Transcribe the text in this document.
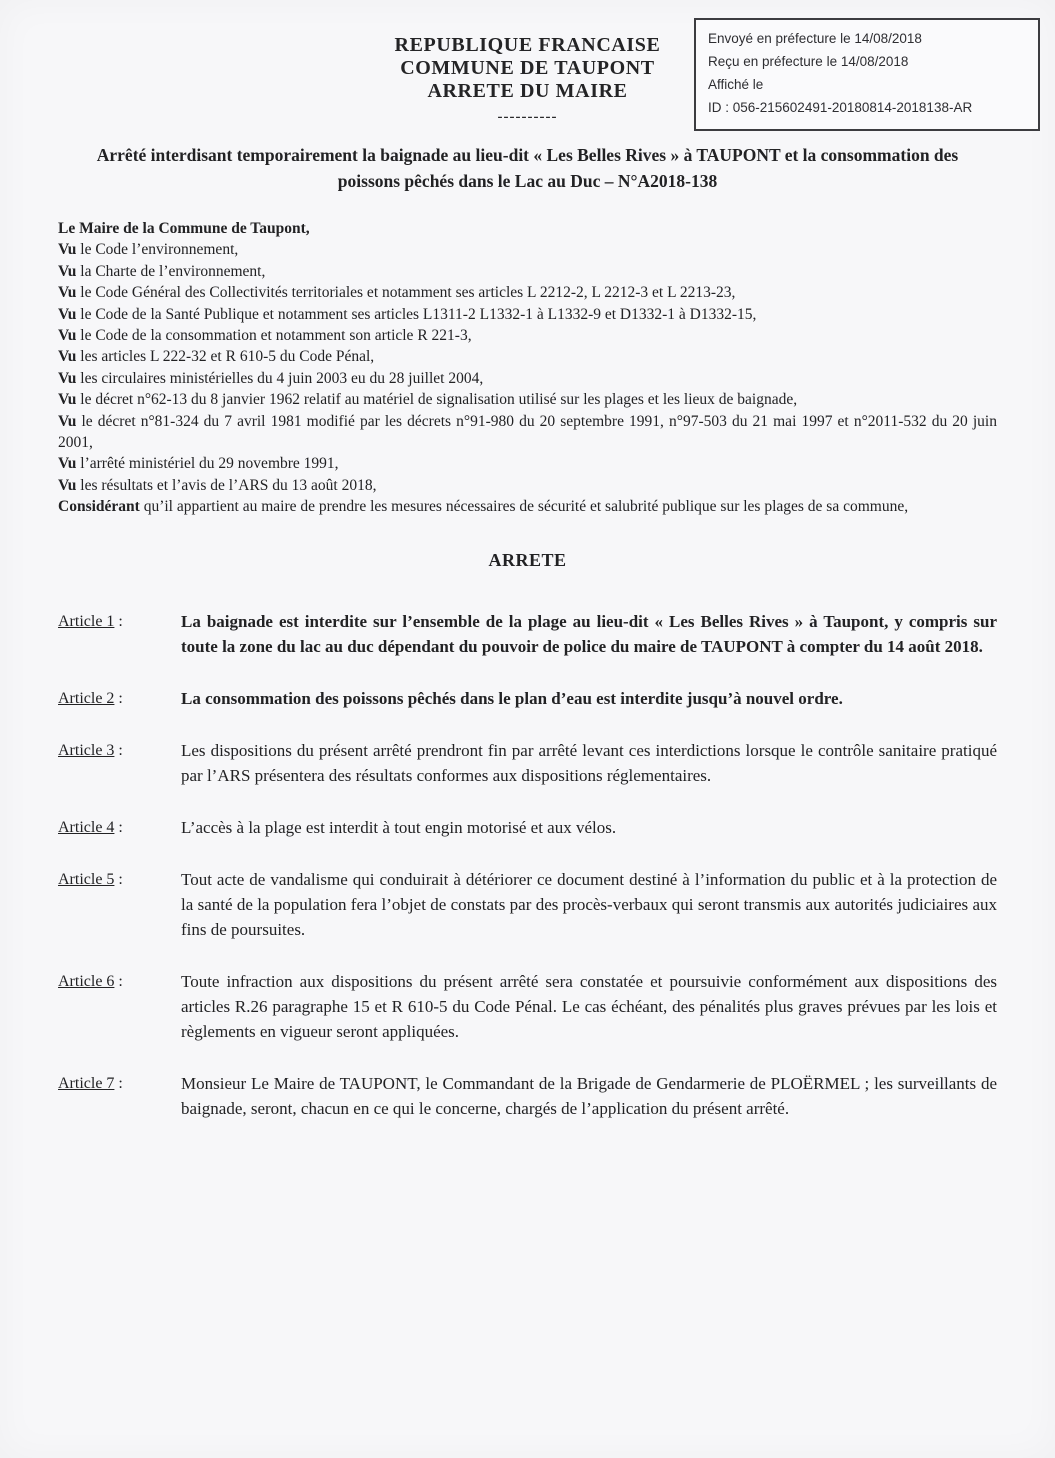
Envoyé en préfecture le 14/08/2018
Reçu en préfecture le 14/08/2018
Affiché le
ID : 056-215602491-20180814-2018138-AR
REPUBLIQUE FRANCAISE
COMMUNE DE TAUPONT
ARRETE DU MAIRE
----------
Arrêté interdisant temporairement la baignade au lieu-dit « Les Belles Rives » à TAUPONT et la consommation des poissons pêchés dans le Lac au Duc – N°A2018-138
Le Maire de la Commune de Taupont,
Vu le Code l’environnement,
Vu la Charte de l’environnement,
Vu le Code Général des Collectivités territoriales et notamment ses articles L 2212-2, L 2212-3 et L 2213-23,
Vu le Code de la Santé Publique et notamment ses articles L1311-2 L1332-1 à L1332-9 et D1332-1 à D1332-15,
Vu le Code de la consommation et notamment son article R 221-3,
Vu les articles L 222-32 et R 610-5 du Code Pénal,
Vu les circulaires ministérielles du 4 juin 2003 eu du 28 juillet 2004,
Vu le décret n°62-13 du 8 janvier 1962 relatif au matériel de signalisation utilisé sur les plages et les lieux de baignade,
Vu le décret n°81-324 du 7 avril 1981 modifié par les décrets n°91-980 du 20 septembre 1991, n°97-503 du 21 mai 1997 et n°2011-532 du 20 juin 2001,
Vu l’arrêté ministériel du 29 novembre 1991,
Vu les résultats et l’avis de l’ARS du 13 août 2018,
Considérant qu’il appartient au maire de prendre les mesures nécessaires de sécurité et salubrité publique sur les plages de sa commune,
ARRETE
Article 1 :	La baignade est interdite sur l’ensemble de la plage au lieu-dit « Les Belles Rives » à Taupont, y compris sur toute la zone du lac au duc dépendant du pouvoir de police du maire de TAUPONT à compter du 14 août 2018.
Article 2 :	La consommation des poissons pêchés dans le plan d’eau est interdite jusqu’à nouvel ordre.
Article 3 :	Les dispositions du présent arrêté prendront fin par arrêté levant ces interdictions lorsque le contrôle sanitaire pratiqué par l’ARS présentera des résultats conformes aux dispositions réglementaires.
Article 4 :	L’accès à la plage est interdit à tout engin motorisé et aux vélos.
Article 5 :	Tout acte de vandalisme qui conduirait à détériorer ce document destiné à l’information du public et à la protection de la santé de la population fera l’objet de constats par des procès-verbaux qui seront transmis aux autorités judiciaires aux fins de poursuites.
Article 6 :	Toute infraction aux dispositions du présent arrêté sera constatée et poursuivie conformément aux dispositions des articles R.26 paragraphe 15 et R 610-5 du Code Pénal. Le cas échéant, des pénalités plus graves prévues par les lois et règlements en vigueur seront appliquées.
Article 7 :	Monsieur Le Maire de TAUPONT, le Commandant de la Brigade de Gendarmerie de PLOËRMEL ; les surveillants de baignade, seront, chacun en ce qui le concerne, chargés de l’application du présent arrêté.
